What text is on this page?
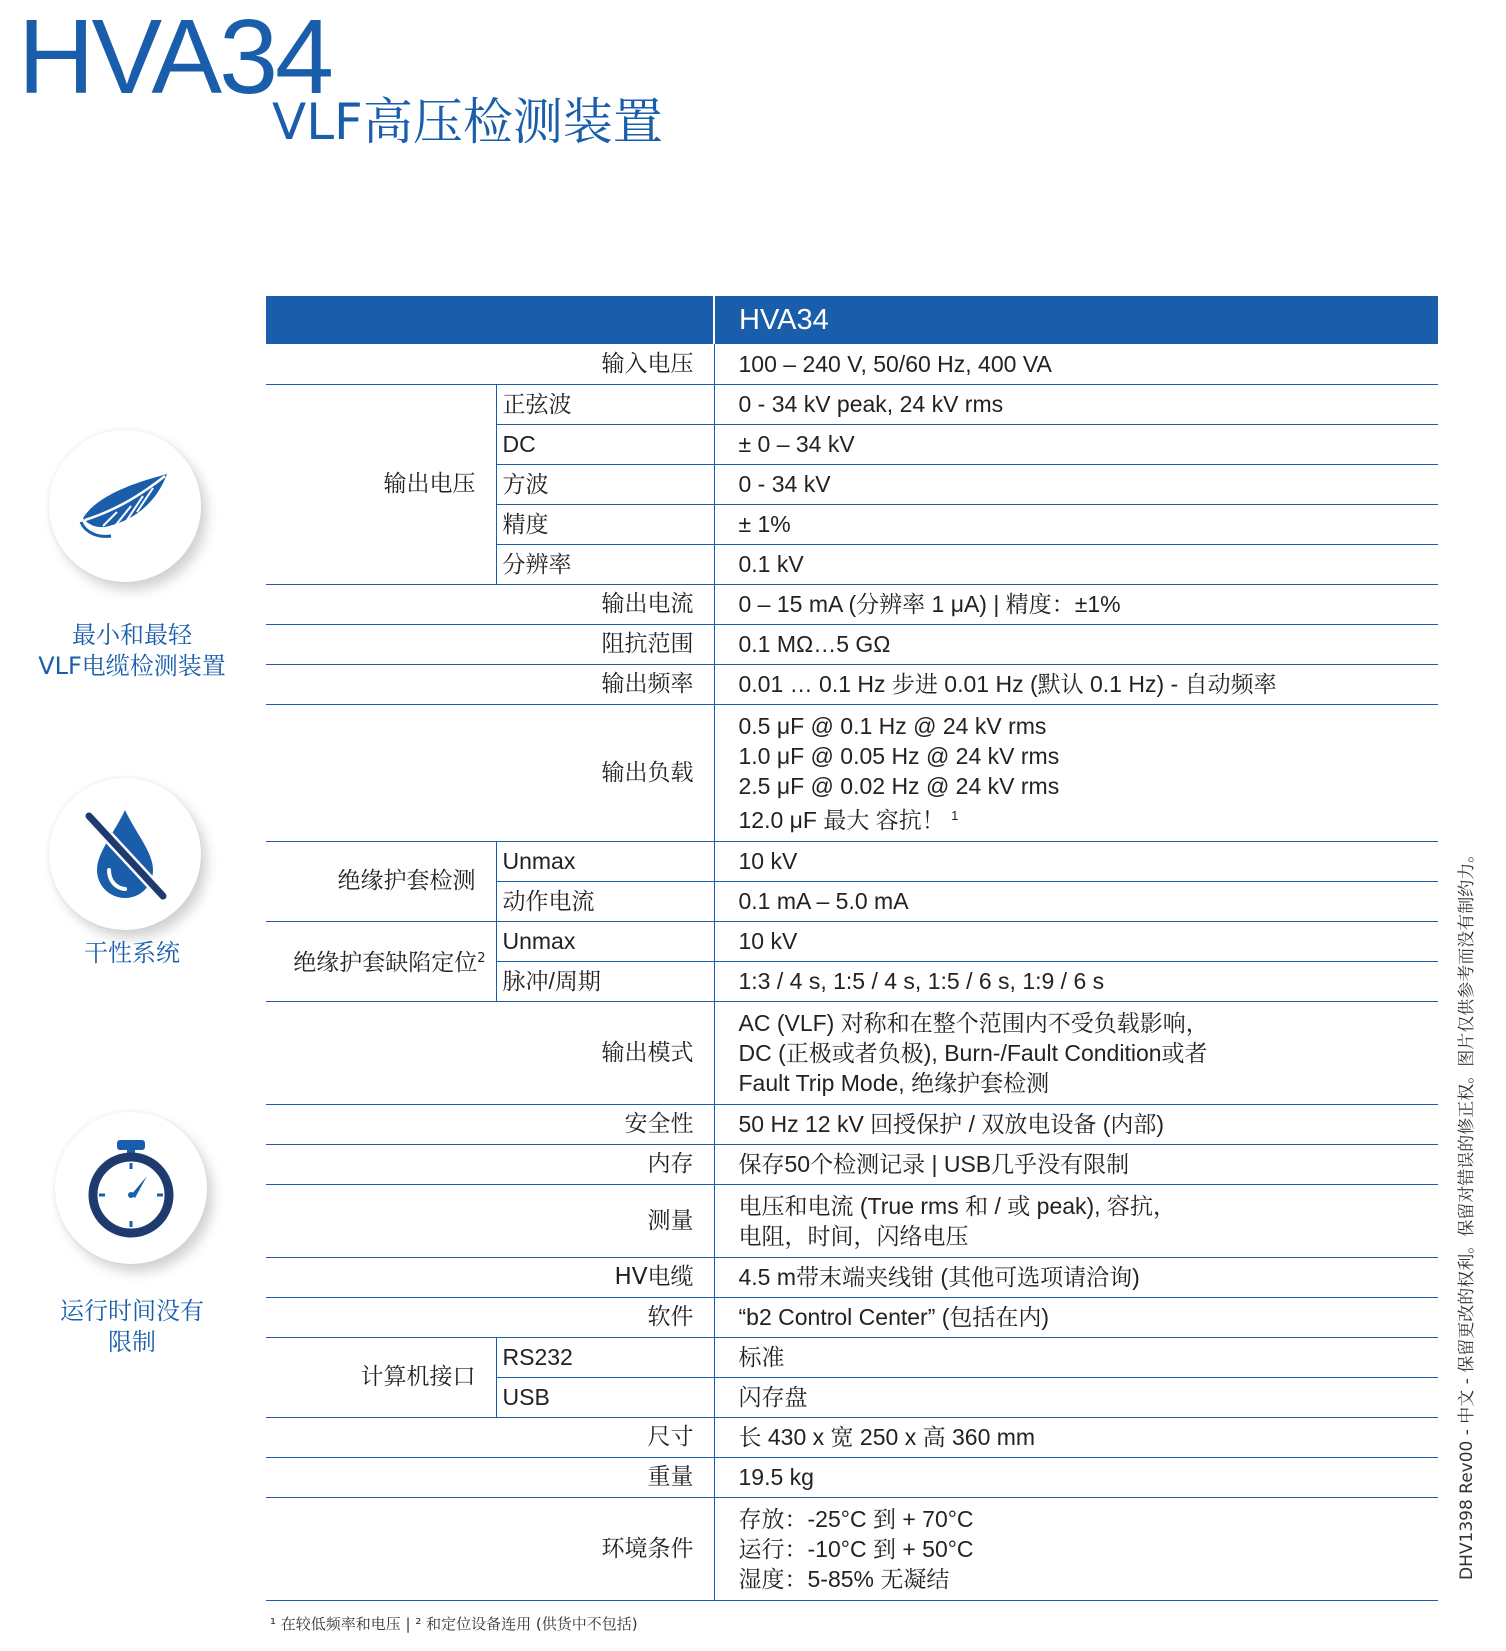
HVA34
VLF高压检测装置
最小和最轻
VLF电缆检测装置
干性系统
运行时间没有
限制
		HVA34
输入电压		100 – 240 V, 50/60 Hz, 400 VA
输出电压	正弦波	0 - 34 kV peak, 24 kV rms
	DC	± 0 – 34 kV
	方波	0 - 34 kV
	精度	± 1%
	分辨率	0.1 kV
输出电流		0 – 15 mA (分辨率 1 μA) | 精度：±1%
阻抗范围		0.1 MΩ…5 GΩ
输出频率		0.01 … 0.1 Hz 步进 0.01 Hz (默认 0.1 Hz) - 自动频率
输出负载		0.5 μF @ 0.1 Hz @ 24 kV rms
1.0 μF @ 0.05 Hz @ 24 kV rms
2.5 μF @ 0.02 Hz @ 24 kV rms
12.0 μF 最大 容抗！ $^1$

绝缘护套检测	Unmax	10 kV
	动作电流	0.1 mA – 5.0 mA
绝缘护套缺陷定位$^2$	Unmax	10 kV
	脉冲/周期	1:3 / 4 s, 1:5 / 4 s, 1:5 / 6 s, 1:9 / 6 s
输出模式		AC (VLF) 对称和在整个范围内不受负载影响，
DC (正极或者负极), Burn-/Fault Condition或者
Fault Trip Mode, 绝缘护套检测

安全性		50 Hz 12 kV 回授保护 / 双放电设备 (内部)
内存		保存50个检测记录 | USB几乎没有限制
测量		电压和电流 (True rms 和 / 或 peak), 容抗，
电阻，时间，闪络电压

HV电缆		4.5 m带末端夹线钳 (其他可选项请洽询)
软件		“b2 Control Center” (包括在内)
计算机接口	RS232	标准
	USB	闪存盘
尺寸		长 430 x 宽 250 x 高 360 mm
重量		19.5 kg
环境条件		存放：-25°C 到 + 70°C
运行：-10°C 到 + 50°C
湿度：5-85% 无凝结
¹ 在较低频率和电压 | ² 和定位设备连用 (供货中不包括)
DHV1398 Rev00 - 中文 - 保留更改的权利。保留对错误的修正权。图片仅供参考而没有制约力。
